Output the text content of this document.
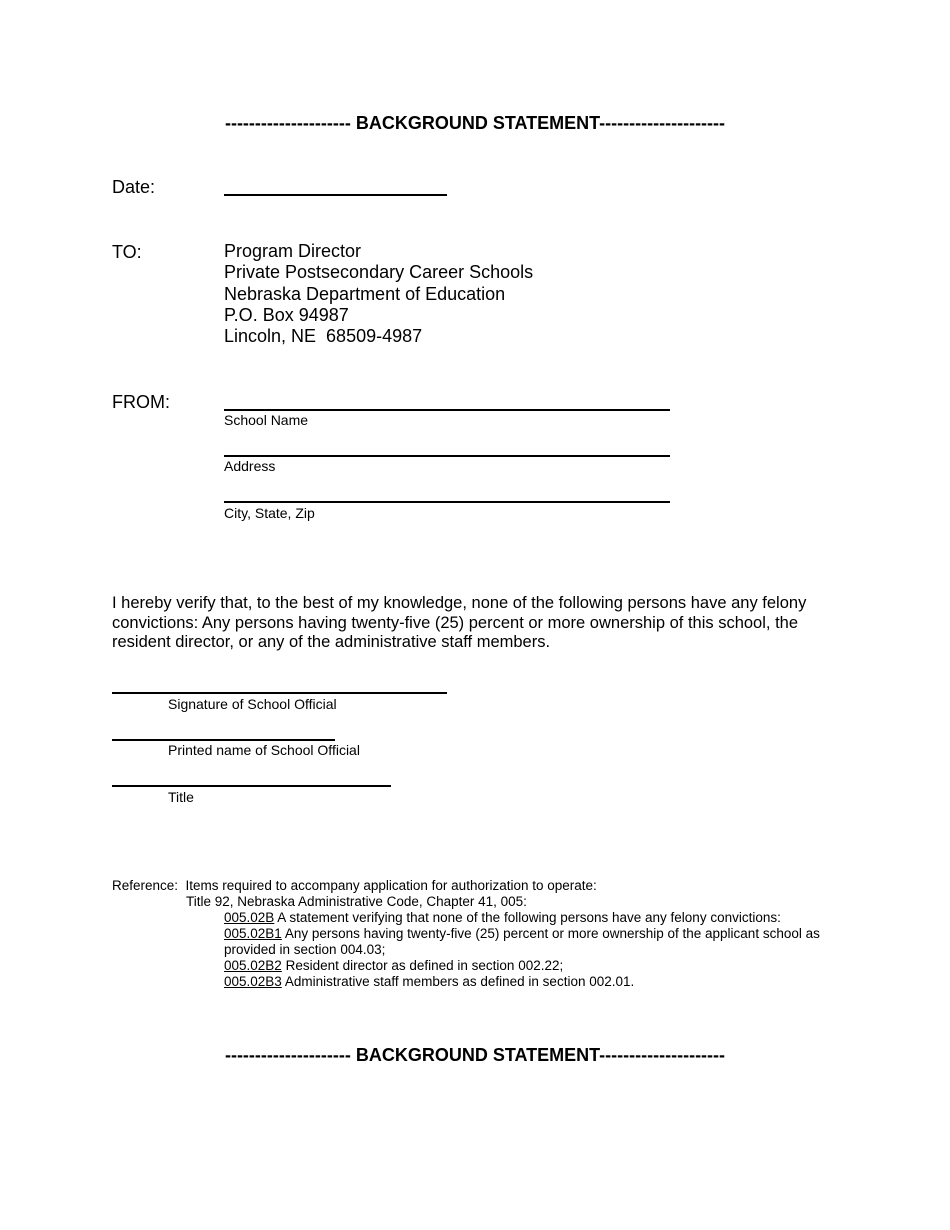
--------------------- BACKGROUND STATEMENT---------------------
Date:
TO:	Program Director
Private Postsecondary Career Schools
Nebraska Department of Education
P.O. Box 94987
Lincoln, NE  68509-4987
FROM:
School Name
Address
City, State, Zip
I hereby verify that, to the best of my knowledge, none of the following persons have any felony convictions: Any persons having twenty-five (25) percent or more ownership of this school, the resident director, or any of the administrative staff members.
Signature of School Official
Printed name of School Official
Title
Reference:  Items required to accompany application for authorization to operate:
Title 92, Nebraska Administrative Code, Chapter 41, 005:
005.02B A statement verifying that none of the following persons have any felony convictions:
005.02B1 Any persons having twenty-five (25) percent or more ownership of the applicant school as provided in section 004.03;
005.02B2 Resident director as defined in section 002.22;
005.02B3 Administrative staff members as defined in section 002.01.
--------------------- BACKGROUND STATEMENT---------------------
